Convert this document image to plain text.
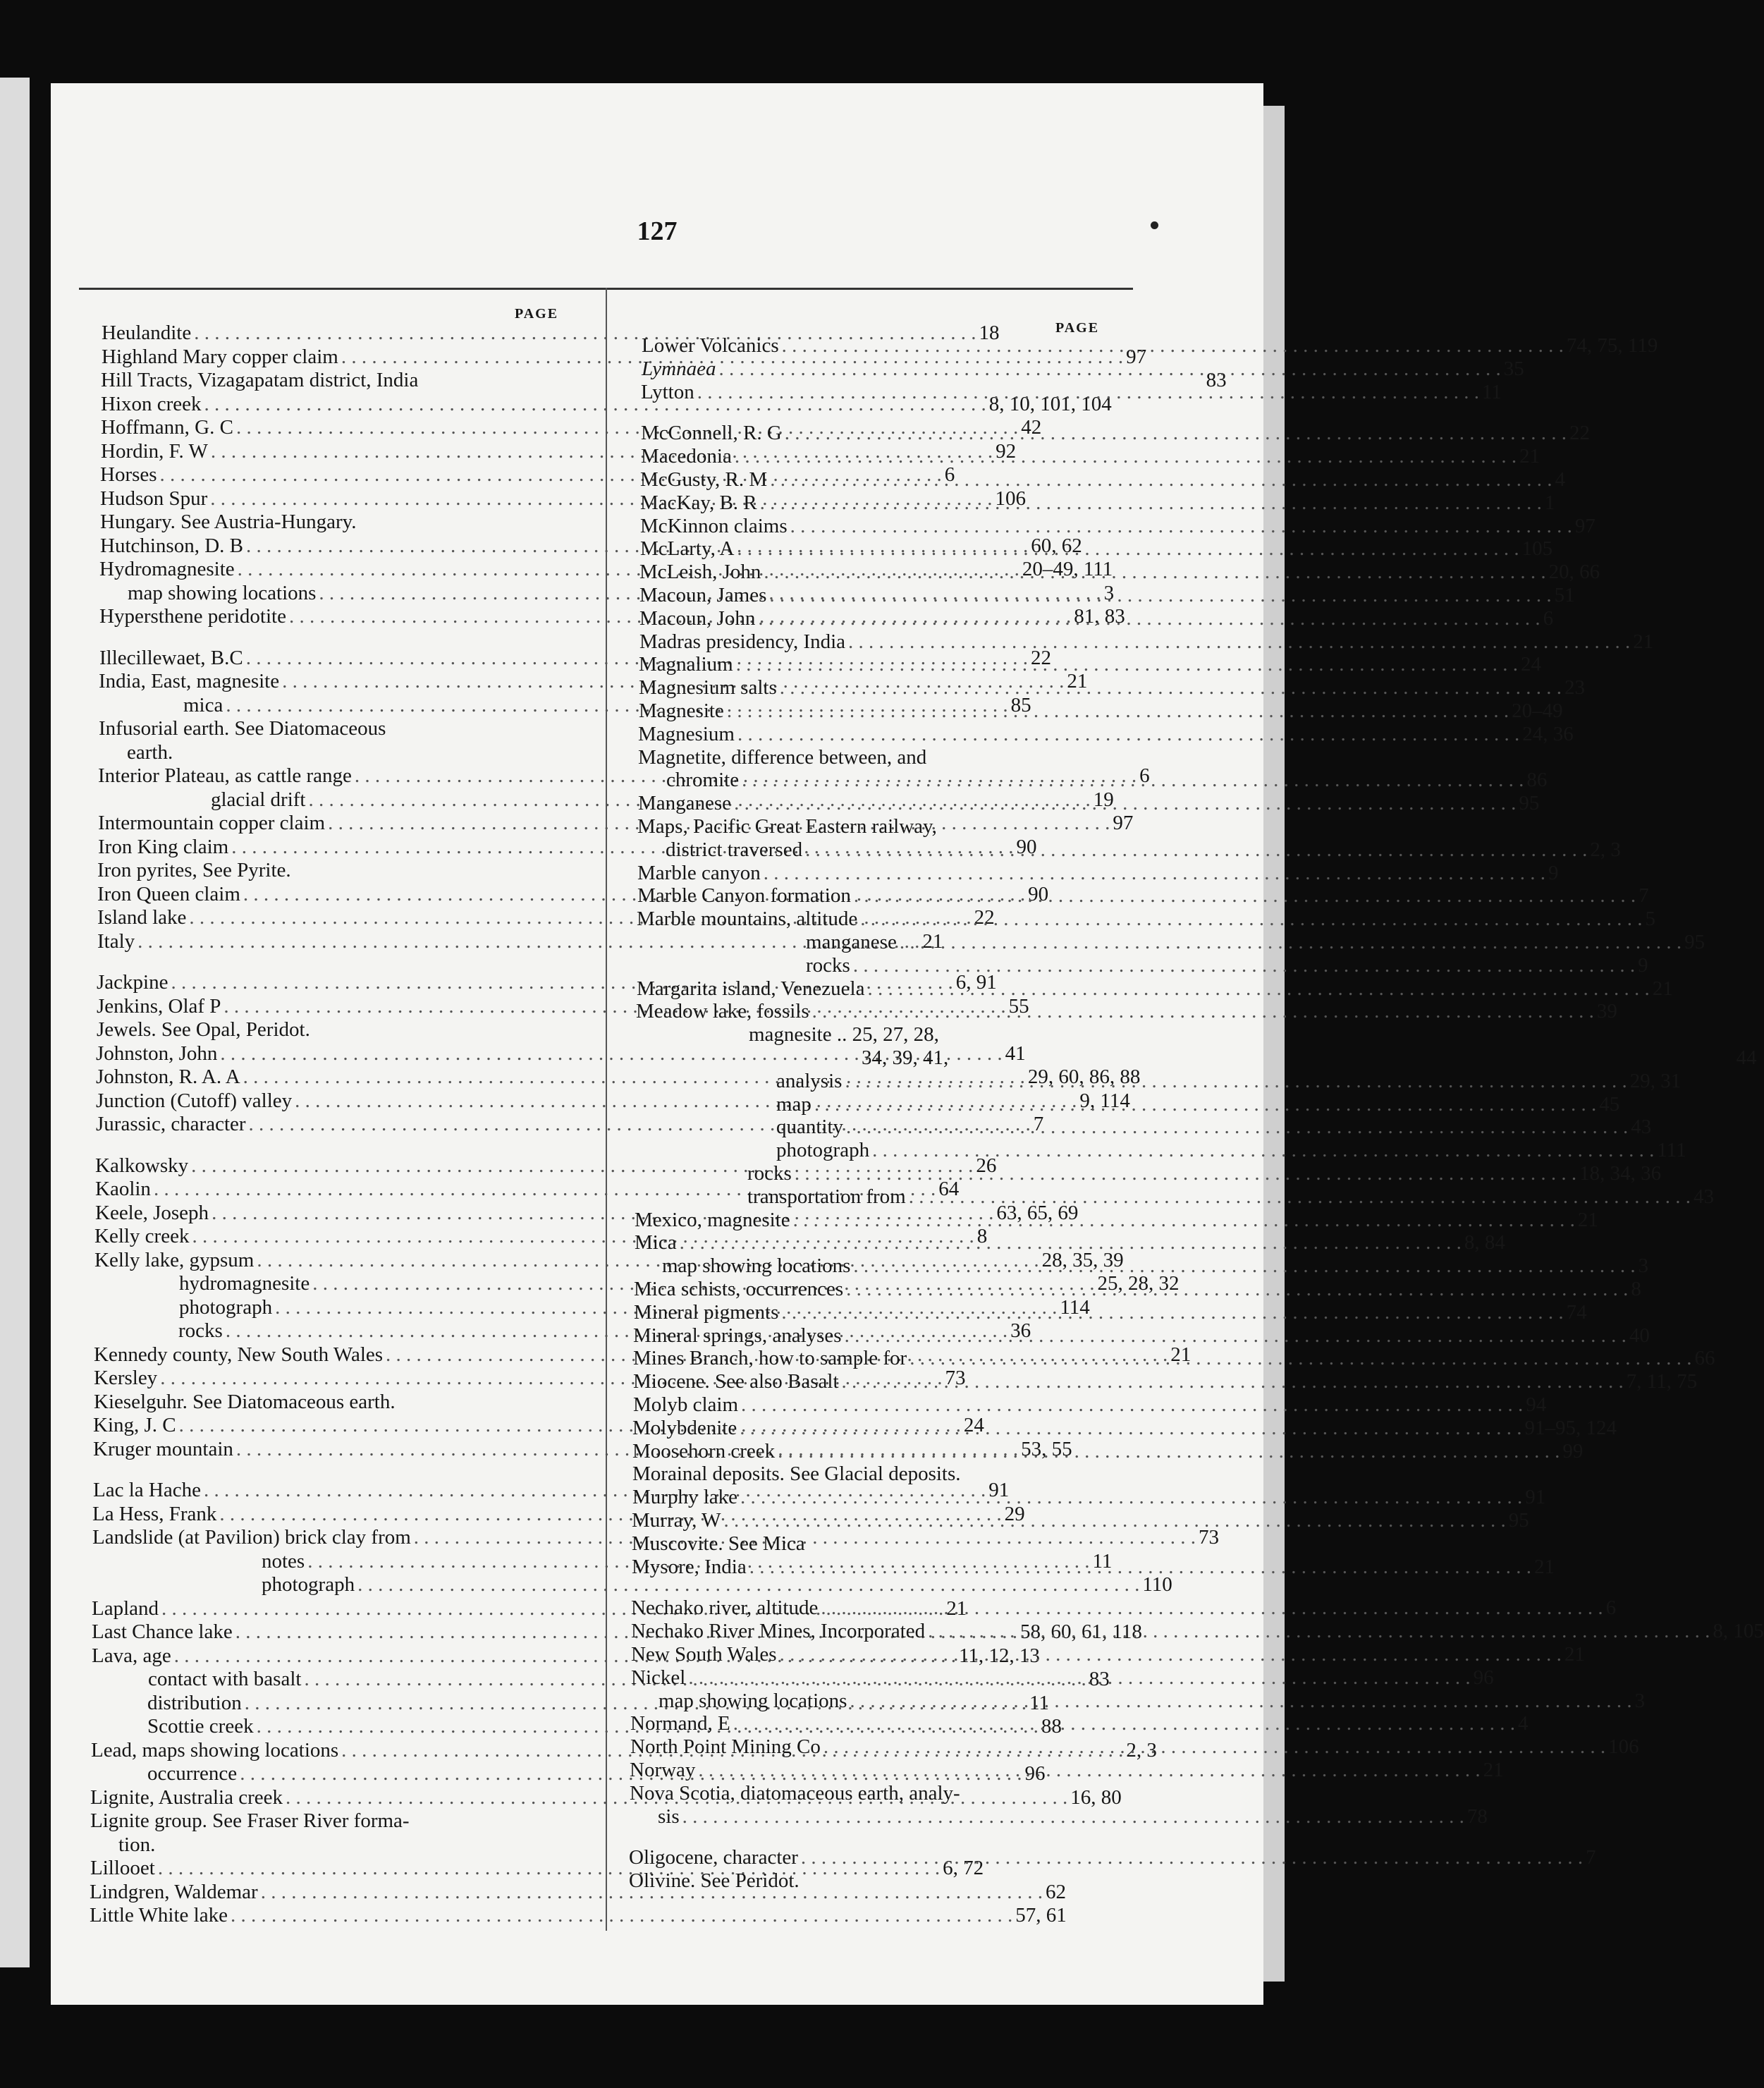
127
PAGE
PAGE
Heulandite . . .	18
Highland Mary copper claim . . .	97
Hill Tracts, Vizagapatam district, India	83
Hixon creek . . .	8, 10, 101, 104
Hoffmann, G. C . . .	42
Hordin, F. W . . .	92
Horses . . .	6
Hudson Spur . . .	106
Hungary. See Austria-Hungary.
Hutchinson, D. B . . .	60, 62
Hydromagnesite . . .	20–49, 111
map showing locations . . .	3
Hypersthene peridotite . . .	81, 83
Illecillewaet, B.C . . .	22
India, East, magnesite . . .	21
mica . . .	85
Infusorial earth. See Diatomaceous
earth.
Interior Plateau, as cattle range . . .	6
glacial drift . . .	19
Intermountain copper claim . . .	97
Iron King claim . . .	90
Iron pyrites, See Pyrite.
Iron Queen claim . . .	90
Island lake . . .	22
Italy . . .	21
Jackpine . . .	6, 91
Jenkins, Olaf P . . .	55
Jewels. See Opal, Peridot.
Johnston, John . . .	41
Johnston, R. A. A . . .	29, 60, 86, 88
Junction (Cutoff) valley . . .	9, 114
Jurassic, character . . .	7
Kalkowsky . . .	26
Kaolin . . .	64
Keele, Joseph . . .	63, 65, 69
Kelly creek . . .	8
Kelly lake, gypsum . . .	28, 35, 39
hydromagnesite . . .	25, 28, 32
photograph . . .	114
rocks . . .	36
Kennedy county, New South Wales . . .	21
Kersley . . .	73
Kieselguhr. See Diatomaceous earth.
King, J. C . . .	24
Kruger mountain . . .	53, 55
Lac la Hache . . .	91
La Hess, Frank . . .	29
Landslide (at Pavilion) brick clay from . . .	73
notes . . .	11
photograph . . .	110
Lapland . . .	21
Last Chance lake . . .	58, 60, 61, 118
Lava, age . . .	11, 12, 13
contact with basalt . . .	83
distribution . . .	11
Scottie creek . . .	88
Lead, maps showing locations . . .	2, 3
occurrence . . .	96
Lignite, Australia creek . . .	16, 80
Lignite group. See Fraser River forma-
tion.
Lillooet . . .	6, 72
Lindgren, Waldemar . . .	62
Little White lake . . .	57, 61
Lower Volcanics . . .	74, 75, 119
Lymnaea . . .	35
Lytton . . .	11
McConnell, R. G . . .	22
Macedonia . . .	21
McGusty, R. M . . .	4
MacKay, B. R . . .	1
McKinnon claims . . .	97
McLarty, A . . .	105
McLeish, John . . .	20, 66
Macoun, James . . .	51
Macoun, John . . .	6
Madras presidency, India . . .	21
Magnalium . . .	24
Magnesium salts . . .	23
Magnesite . . .	20–49
Magnesium . . .	24, 36
Magnetite, difference between, and
chromite . . .	86
Manganese . . .	95
Maps, Pacific Great Eastern railway,
district traversed . . .	2, 3
Marble canyon . . .	9
Marble Canyon formation . . .	7
Marble mountains, altitude . . .	5
manganese . . .	95
rocks . . .	9
Margarita island, Venezuela . . .	21
Meadow lake, fossils . . .	39
magnesite .. 25, 27, 28,
34, 39, 41,	44
analysis . . .	29, 31
map . . .	45
quantity . . .	43
photograph . . .	111
rocks . . .	18, 34, 36
transportation from . . .	43
Mexico, magnesite . . .	21
Mica . . .	8, 84
map showing locations . . .	3
Mica schists, occurrences . . .	8
Mineral pigments . . .	74
Mineral springs, analyses . . .	40
Mines Branch, how to sample for . . .	66
Miocene. See also Basalt . . .	7, 11, 75
Molyb claim . . .	94
Molybdenite . . .	91–95, 124
Moosehorn creek . . .	99
Morainal deposits. See Glacial deposits.
Murphy lake . . .	91
Murray, W . . .	95
Muscovite. See Mica
Mysore, India . . .	21
Nechako river, altitude . . .	6
Nechako River Mines, Incorporated . . .	8, 105
New South Wales . . .	21
Nickel . . .	96
map showing locations . . .	3
Normand, E . . .	4
North Point Mining Co . . .	106
Norway . . .	21
Nova Scotia, diatomaceous earth, analy-
sis . . .	78
Oligocene, character . . .	7
Olivine. See Peridot.
